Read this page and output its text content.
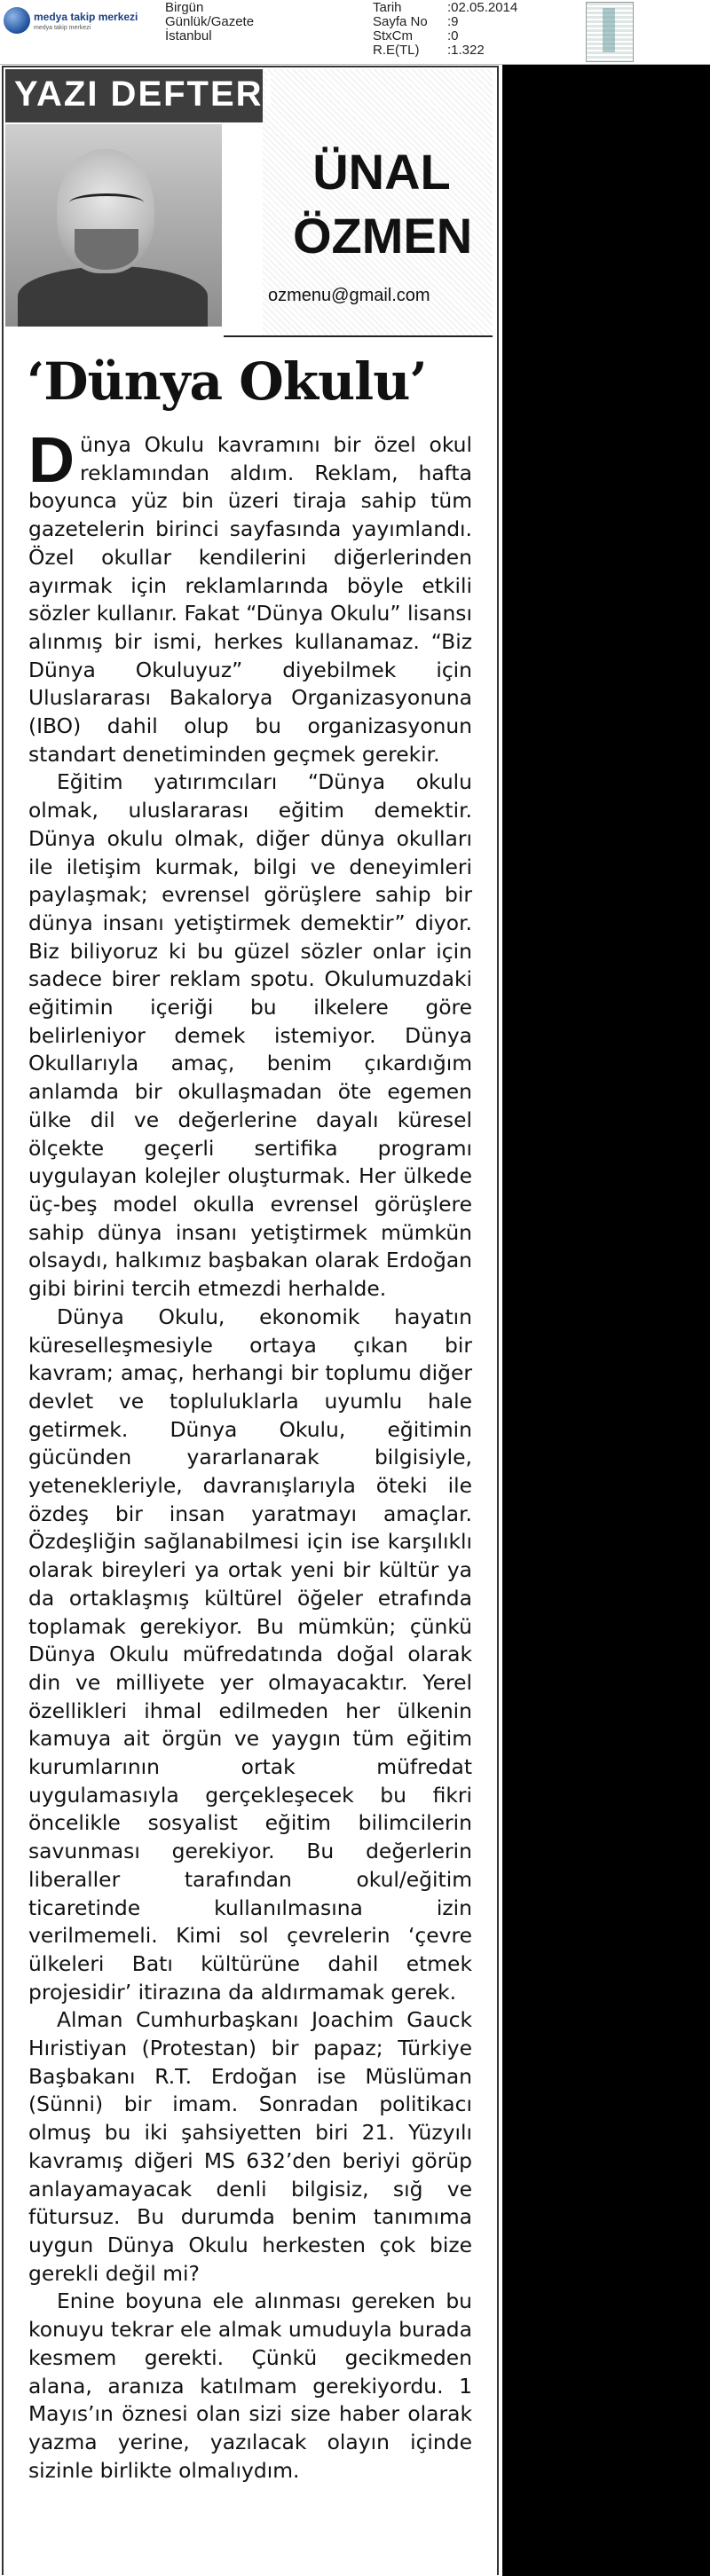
medya takip merkezi
medya takip merkezi
Birgün
Günlük/Gazete
İstanbul
Tarih	:02.05.2014
Sayfa No :9
StxCm	:0
R.E(TL) :1.322
YAZI DEFTERİ
ÜNAL
ÖZMEN
ozmenu@gmail.com
‘Dünya Okulu’

Dünya Okulu kavramını bir özel okul reklamından aldım. Reklam, hafta boyunca yüz bin üzeri tiraja sahip tüm gazetelerin birinci sayfasında yayımlandı. Özel okullar kendilerini diğerlerinden ayırmak için reklamlarında böyle etkili sözler kullanır. Fakat “Dünya Okulu” lisansı alınmış bir ismi, herkes kullanamaz. “Biz Dünya Okuluyuz” diyebilmek için Uluslararası Bakalorya Organizasyonuna (IBO) dahil olup bu organizasyonun standart denetiminden geçmek gerekir.

Eğitim yatırımcıları “Dünya okulu olmak, uluslararası eğitim demektir. Dünya okulu olmak, diğer dünya okulları ile iletişim kurmak, bilgi ve deneyimleri paylaşmak; evrensel görüşlere sahip bir dünya insanı yetiştirmek demektir” diyor. Biz biliyoruz ki bu güzel sözler onlar için sadece birer reklam spotu. Okulumuzdaki eğitimin içeriği bu ilkelere göre belirleniyor demek istemiyor. Dünya Okullarıyla amaç, benim çıkardığım anlamda bir okullaşmadan öte egemen ülke dil ve değerlerine dayalı küresel ölçekte geçerli sertifika programı uygulayan kolejler oluşturmak. Her ülkede üç-beş model okulla evrensel görüşlere sahip dünya insanı yetiştirmek mümkün olsaydı, halkımız başbakan olarak Erdoğan gibi birini tercih etmezdi herhalde.

Dünya Okulu, ekonomik hayatın küreselleşmesiyle ortaya çıkan bir kavram; amaç, herhangi bir toplumu diğer devlet ve topluluklarla uyumlu hale getirmek. Dünya Okulu, eğitimin gücünden yararlanarak bilgisiyle, yetenekleriyle, davranışlarıyla öteki ile özdeş bir insan yaratmayı amaçlar. Özdeşliğin sağlanabilmesi için ise karşılıklı olarak bireyleri ya ortak yeni bir kültür ya da ortaklaşmış kültürel öğeler etrafında toplamak gerekiyor. Bu mümkün; çünkü Dünya Okulu müfredatında doğal olarak din ve milliyete yer olmayacaktır. Yerel özellikleri ihmal edilmeden her ülkenin kamuya ait örgün ve yaygın tüm eğitim kurumlarının ortak müfredat uygulamasıyla gerçekleşecek bu fikri öncelikle sosyalist eğitim bilimcilerin savunması gerekiyor. Bu değerlerin liberaller tarafından okul/eğitim ticaretinde kullanılmasına izin verilmemeli. Kimi sol çevrelerin ‘çevre ülkeleri Batı kültürüne dahil etmek projesidir’ itirazına da aldırmamak gerek.

Alman Cumhurbaşkanı Joachim Gauck Hıristiyan (Protestan) bir papaz; Türkiye Başbakanı R.T. Erdoğan ise Müslüman (Sünni) bir imam. Sonradan politikacı olmuş bu iki şahsiyetten biri 21. Yüzyılı kavramış diğeri MS 632’den beriyi görüp anlayamayacak denli bilgisiz, sığ ve fütursuz. Bu durumda benim tanımıma uygun Dünya Okulu herkesten çok bize gerekli değil mi?

Enine boyuna ele alınması gereken bu konuyu tekrar ele almak umuduyla burada kesmem gerekti. Çünkü gecikmeden alana, aranıza katılmam gerekiyordu. 1 Mayıs’ın öznesi olan sizi size haber olarak yazma yerine, yazılacak olayın içinde sizinle birlikte olmalıydım.
